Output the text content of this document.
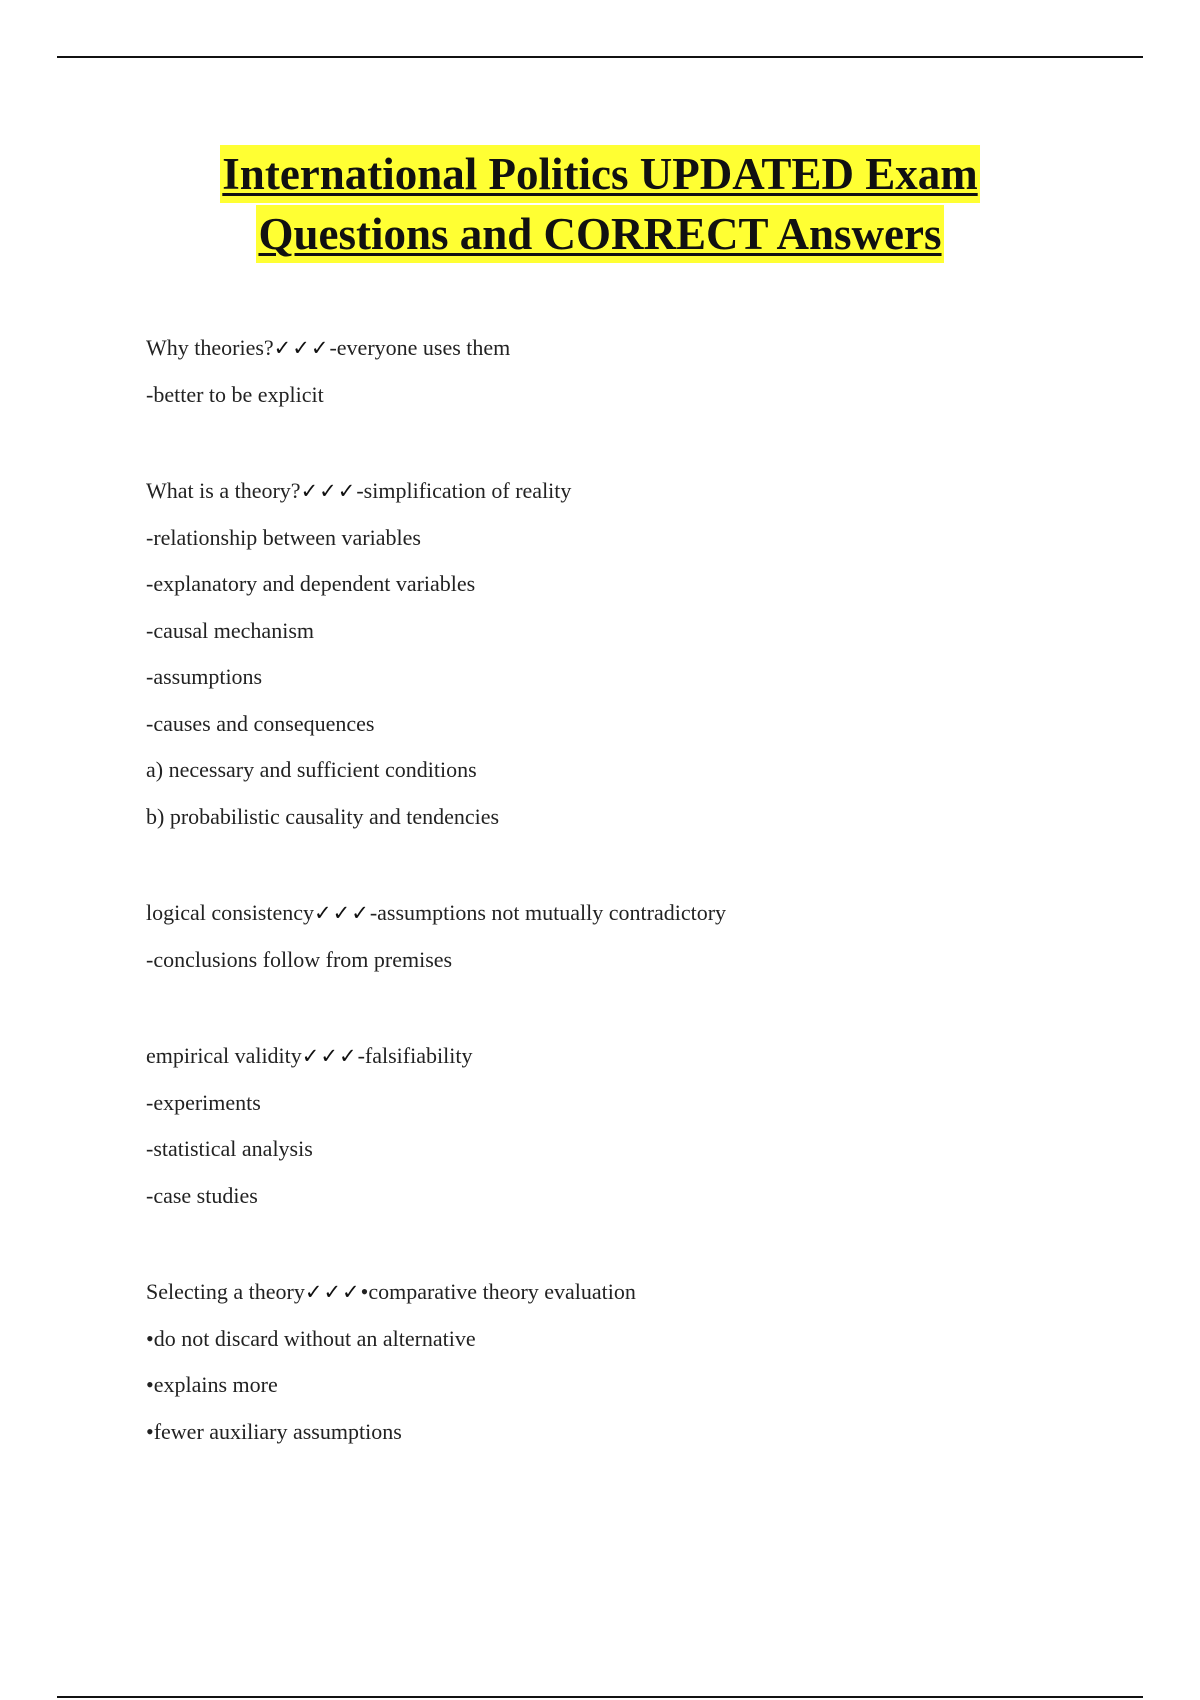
International Politics UPDATED Exam
Questions and CORRECT Answers
Why theories?✓✓✓-everyone uses them
-better to be explicit
What is a theory?✓✓✓-simplification of reality
-relationship between variables
-explanatory and dependent variables
-causal mechanism
-assumptions
-causes and consequences
a) necessary and sufficient conditions
b) probabilistic causality and tendencies
logical consistency✓✓✓-assumptions not mutually contradictory
-conclusions follow from premises
empirical validity✓✓✓-falsifiability
-experiments
-statistical analysis
-case studies
Selecting a theory✓✓✓•comparative theory evaluation
•do not discard without an alternative
•explains more
•fewer auxiliary assumptions
